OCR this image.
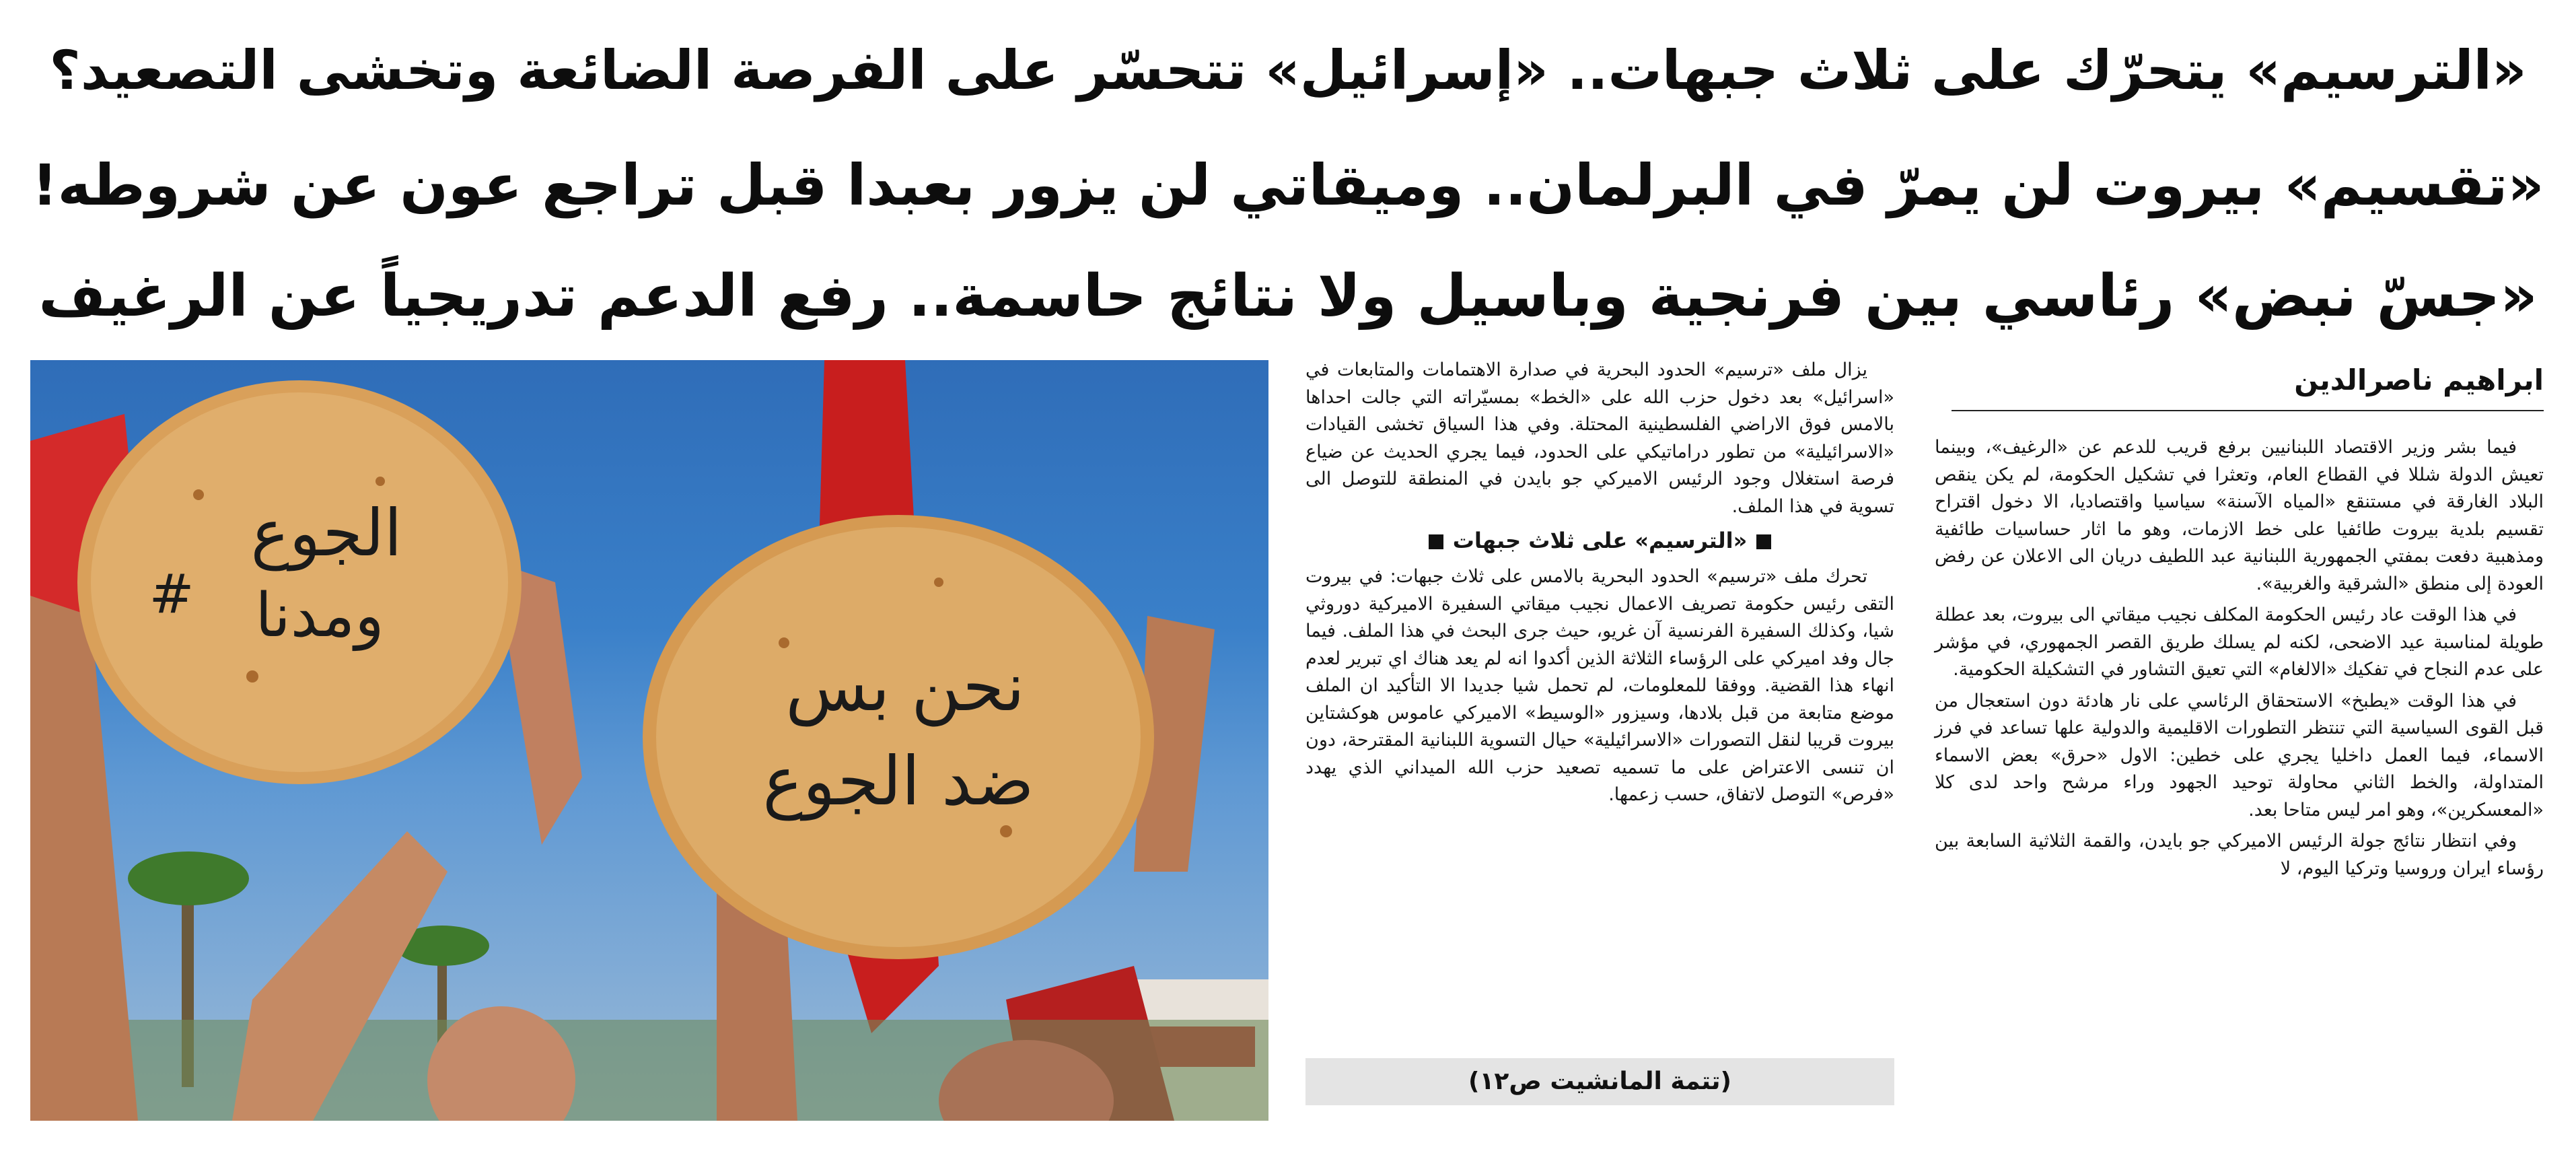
«الترسيم» يتحرّك على ثلاث جبهات.. «إسرائيل» تتحسّر على الفرصة الضائعة وتخشى التصعيد؟
«تقسيم» بيروت لن يمرّ في البرلمان.. وميقاتي لن يزور بعبدا قبل تراجع عون عن شروطه!
«جسّ نبض» رئاسي بين فرنجية وباسيل ولا نتائج حاسمة.. رفع الدعم تدريجياً عن الرغيف
الجوع
ومدنا
#
نحن بس
ضد الجوع

يزال ملف «ترسيم» الحدود البحرية في صدارة الاهتمامات والمتابعات في «اسرائيل» بعد دخول حزب الله على «الخط» بمسيّراته التي جالت احداها بالامس فوق الاراضي الفلسطينية المحتلة. وفي هذا السياق تخشى القيادات «الاسرائيلية» من تطور دراماتيكي على الحدود، فيما يجري الحديث عن ضياع فرصة استغلال وجود الرئيس الاميركي جو بايدن في المنطقة للتوصل الى تسوية في هذا الملف.

«الترسيم» على ثلاث جبهات

تحرك ملف «ترسيم» الحدود البحرية بالامس على ثلاث جبهات: في بيروت التقى رئيس حكومة تصريف الاعمال نجيب ميقاتي السفيرة الاميركية دوروثي شيا، وكذلك السفيرة الفرنسية آن غريو، حيث جرى البحث في هذا الملف. فيما جال وفد اميركي على الرؤساء الثلاثة الذين أكدوا انه لم يعد هناك اي تبرير لعدم انهاء هذا القضية. ووفقا للمعلومات، لم تحمل شيا جديدا الا التأكيد ان الملف موضع متابعة من قبل بلادها، وسيزور «الوسيط» الاميركي عاموس هوكشتاين بيروت قريبا لنقل التصورات «الاسرائيلية» حيال التسوية اللبنانية المقترحة، دون ان تنسى الاعتراض على ما تسميه تصعيد حزب الله الميداني الذي يهدد «فرص» التوصل لاتفاق، حسب زعمها.

(تتمة المانشيت ص١٢)
ابراهيم ناصرالدين

فيما بشر وزير الاقتصاد اللبنانيين برفع قريب للدعم عن «الرغيف»، وبينما تعيش الدولة شللا في القطاع العام، وتعثرا في تشكيل الحكومة، لم يكن ينقص البلاد الغارقة في مستنقع «المياه الآسنة» سياسيا واقتصاديا، الا دخول اقتراح تقسيم بلدية بيروت طائفيا على خط الازمات، وهو ما اثار حساسيات طائفية ومذهبية دفعت بمفتي الجمهورية اللبنانية عبد اللطيف دريان الى الاعلان عن رفض العودة إلى منطق «الشرقية والغربية».

في هذا الوقت عاد رئيس الحكومة المكلف نجيب ميقاتي الى بيروت، بعد عطلة طويلة لمناسبة عيد الاضحى، لكنه لم يسلك طريق القصر الجمهوري، في مؤشر على عدم النجاح في تفكيك «الالغام» التي تعيق التشاور في التشكيلة الحكومية.

في هذا الوقت «يطبخ» الاستحقاق الرئاسي على نار هادئة دون استعجال من قبل القوى السياسية التي تنتظر التطورات الاقليمية والدولية علها تساعد في فرز الاسماء، فيما العمل داخليا يجري على خطين: الاول «حرق» بعض الاسماء المتداولة، والخط الثاني محاولة توحيد الجهود وراء مرشح واحد لدى كلا «المعسكرين»، وهو امر ليس متاحا بعد.

وفي انتظار نتائج جولة الرئيس الاميركي جو بايدن، والقمة الثلاثية السابعة بين رؤساء ايران وروسيا وتركيا اليوم، لا
